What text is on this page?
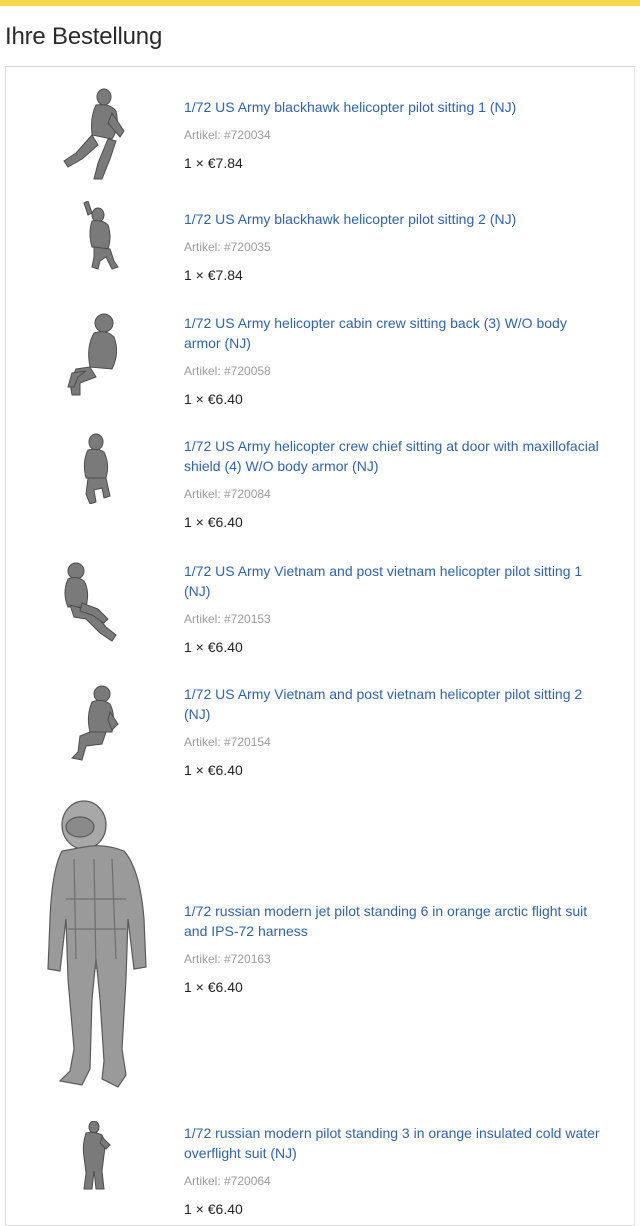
Ihre Bestellung
1/72 US Army blackhawk helicopter pilot sitting 1 (NJ)
Artikel: #720034
1 × €7.84
1/72 US Army blackhawk helicopter pilot sitting 2 (NJ)
Artikel: #720035
1 × €7.84
1/72 US Army helicopter cabin crew sitting back (3) W/O body armor (NJ)
Artikel: #720058
1 × €6.40
1/72 US Army helicopter crew chief sitting at door with maxillofacial shield (4) W/O body armor (NJ)
Artikel: #720084
1 × €6.40
1/72 US Army Vietnam and post vietnam helicopter pilot sitting 1 (NJ)
Artikel: #720153
1 × €6.40
1/72 US Army Vietnam and post vietnam helicopter pilot sitting 2 (NJ)
Artikel: #720154
1 × €6.40
1/72 russian modern jet pilot standing 6 in orange arctic flight suit and IPS-72 harness
Artikel: #720163
1 × €6.40
1/72 russian modern pilot standing 3 in orange insulated cold water overflight suit (NJ)
Artikel: #720064
1 × €6.40
